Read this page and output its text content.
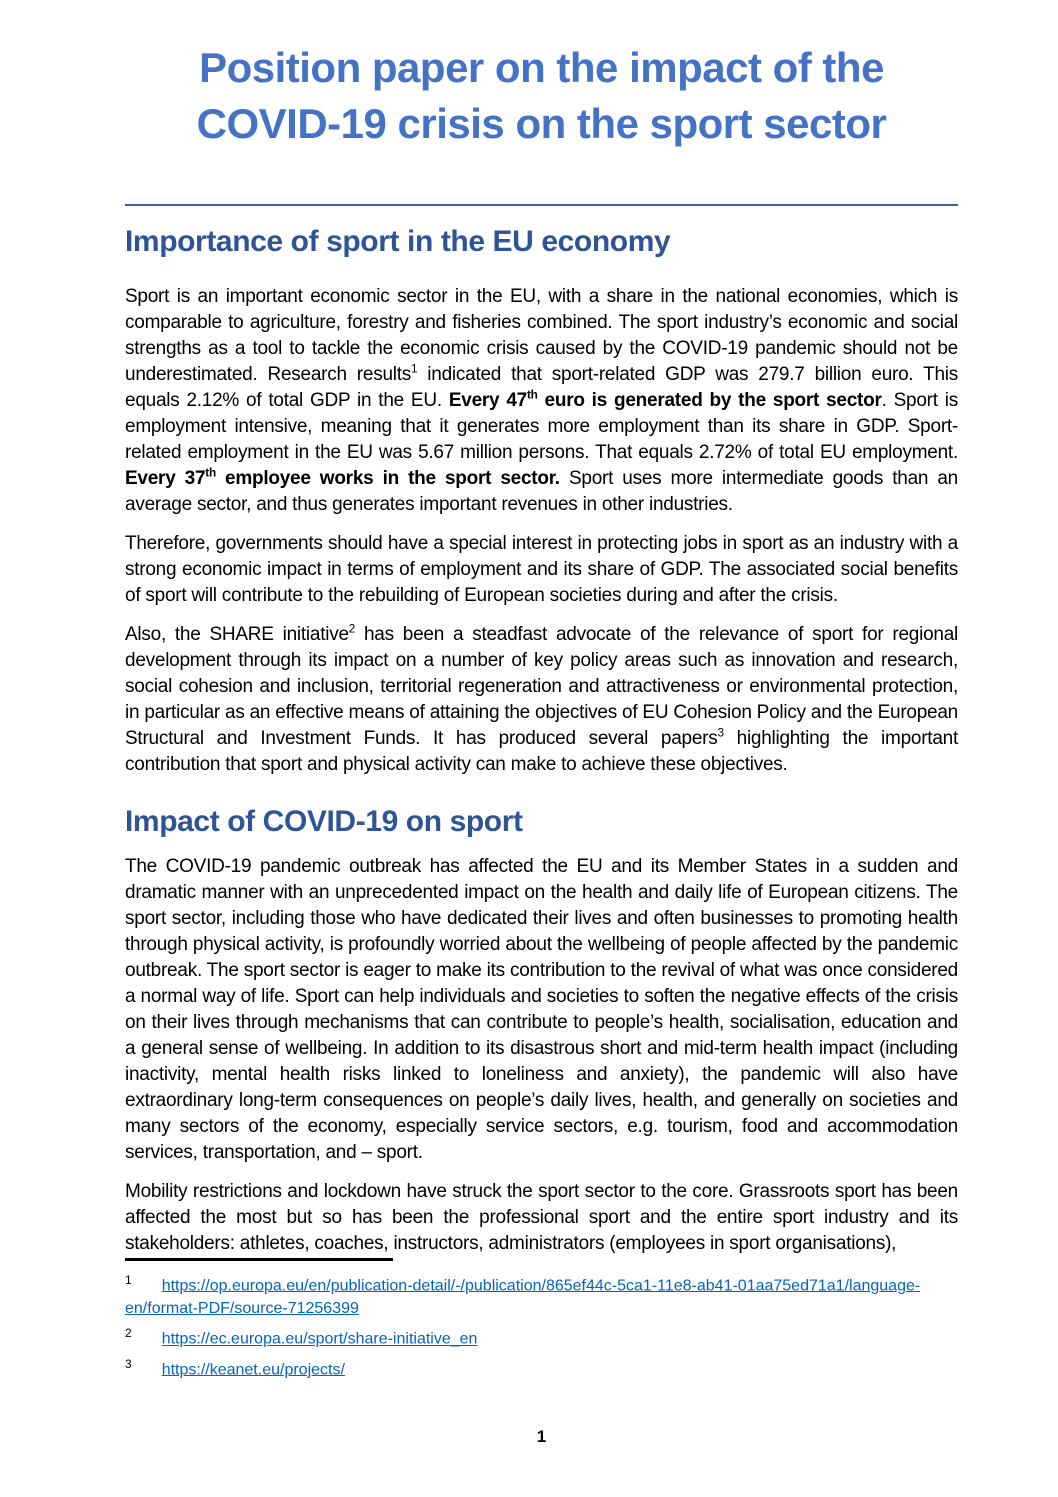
Position paper on the impact of the
COVID-19 crisis on the sport sector
Importance of sport in the EU economy

Sport is an important economic sector in the EU, with a share in the national economies, which is comparable to agriculture, forestry and fisheries combined. The sport industry’s economic and social strengths as a tool to tackle the economic crisis caused by the COVID-19 pandemic should not be underestimated. Research results$^1$ indicated that sport-related GDP was 279.7 billion euro. This equals 2.12% of total GDP in the EU. Every 47th euro is generated by the sport sector. Sport is employment intensive, meaning that it generates more employment than its share in GDP. Sport-related employment in the EU was 5.67 million persons. That equals 2.72% of total EU employment. Every 37th employee works in the sport sector. Sport uses more intermediate goods than an average sector, and thus generates important revenues in other industries.

Therefore, governments should have a special interest in protecting jobs in sport as an industry with a strong economic impact in terms of employment and its share of GDP. The associated social benefits of sport will contribute to the rebuilding of European societies during and after the crisis.

Also, the SHARE initiative$^2$ has been a steadfast advocate of the relevance of sport for regional development through its impact on a number of key policy areas such as innovation and research, social cohesion and inclusion, territorial regeneration and attractiveness or environmental protection, in particular as an effective means of attaining the objectives of EU Cohesion Policy and the European Structural and Investment Funds. It has produced several papers$^3$ highlighting the important contribution that sport and physical activity can make to achieve these objectives.

Impact of COVID-19 on sport

The COVID-19 pandemic outbreak has affected the EU and its Member States in a sudden and dramatic manner with an unprecedented impact on the health and daily life of European citizens. The sport sector, including those who have dedicated their lives and often businesses to promoting health through physical activity, is profoundly worried about the wellbeing of people affected by the pandemic outbreak. The sport sector is eager to make its contribution to the revival of what was once considered a normal way of life. Sport can help individuals and societies to soften the negative effects of the crisis on their lives through mechanisms that can contribute to people’s health, socialisation, education and a general sense of wellbeing. In addition to its disastrous short and mid-term health impact (including inactivity, mental health risks linked to loneliness and anxiety), the pandemic will also have extraordinary long-term consequences on people’s daily lives, health, and generally on societies and many sectors of the economy, especially service sectors, e.g. tourism, food and accommodation services, transportation, and – sport.

Mobility restrictions and lockdown have struck the sport sector to the core. Grassroots sport has been affected the most but so has been the professional sport and the entire sport industry and its stakeholders: athletes, coaches, instructors, administrators (employees in sport organisations),

$^1$ https://op.europa.eu/en/publication-detail/-/publication/865ef44c-5ca1-11e8-ab41-01aa75ed71a1/language-en/format-PDF/source-71256399
$^2$ https://ec.europa.eu/sport/share-initiative_en
$^3$ https://keanet.eu/projects/
1
